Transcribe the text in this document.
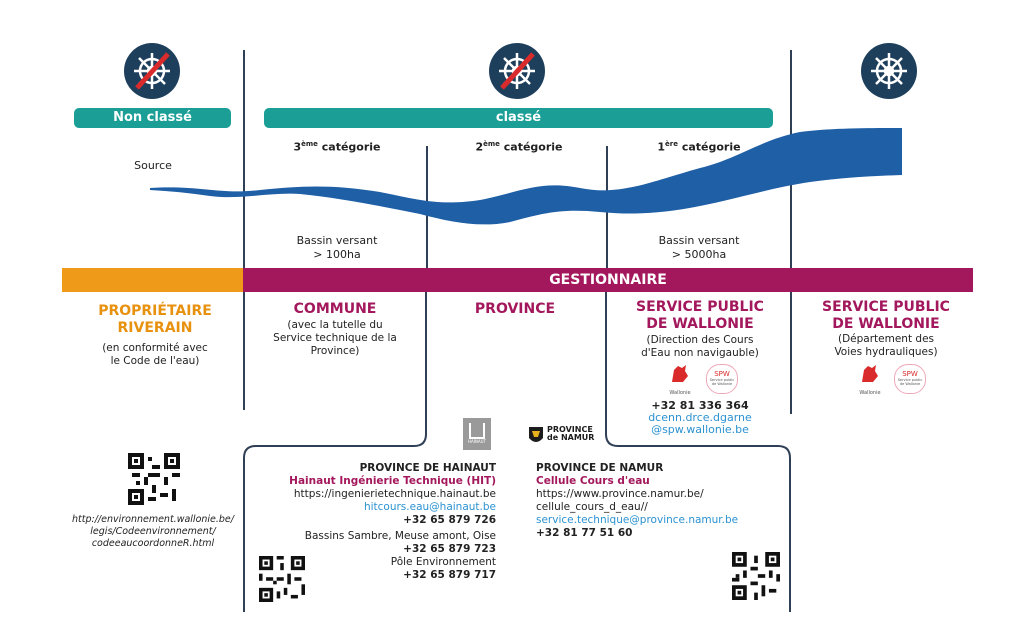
Non classé	classé
3ème catégorie	2ème catégorie	1ère catégorie
Source
Bassin versant
> 100ha
Bassin versant
> 5000ha
GESTIONNAIRE
PROPRIÉTAIRE
RIVERAIN
(en conformité avec
le Code de l'eau)
COMMUNE
(avec la tutelle du
Service technique de la
Province)
PROVINCE	SERVICE PUBLIC
DE WALLONIE
(Direction des Cours
d'Eau non navigauble)
Wallonie
SPW
Service public de Wallonie
+32 81 336 364
dcenn.drce.dgarne
@spw.wallonie.be
SERVICE PUBLIC
DE WALLONIE
(Département des
Voies hydrauliques)
Wallonie
SPW
Service public de Wallonie
HAINAUT
PROVINCE
de NAMUR
PROVINCE DE HAINAUT
Hainaut Ingénierie Technique (HIT)
https://ingenierietechnique.hainaut.be
hitcours.eau@hainaut.be
+32 65 879 726
Bassins Sambre, Meuse amont, Oise
+32 65 879 723
Pôle Environnement
+32 65 879 717
PROVINCE DE NAMUR
Cellule Cours d'eau
https://www.province.namur.be/
cellule_cours_d_eau//
service.technique@province.namur.be
+32 81 77 51 60
http://environnement.wallonie.be/
legis/Codeenvironnement/
codeeaucoordonneR.html
